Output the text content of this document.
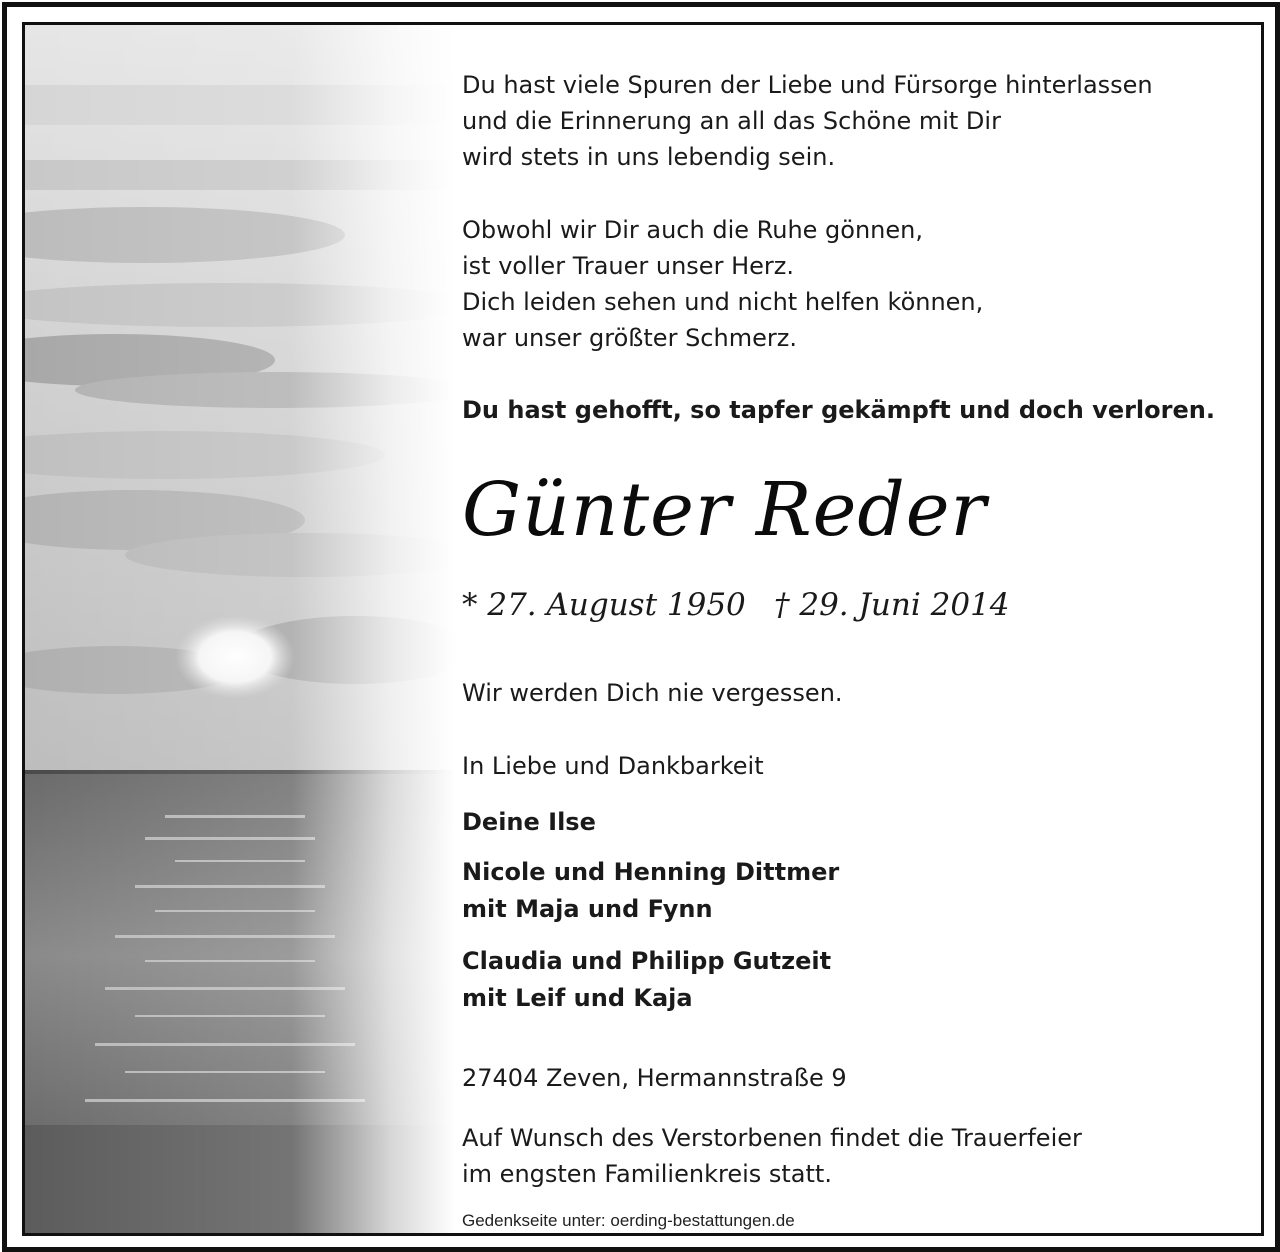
Du hast viele Spuren der Liebe und Fürsorge hinterlassen
und die Erinnerung an all das Schöne mit Dir
wird stets in uns lebendig sein.
Obwohl wir Dir auch die Ruhe gönnen,
ist voller Trauer unser Herz.
Dich leiden sehen und nicht helfen können,
war unser größter Schmerz.
Du hast gehofft, so tapfer gekämpft und doch verloren.
Günter Reder
* 27. August 1950 † 29. Juni 2014
Wir werden Dich nie vergessen.
In Liebe und Dankbarkeit
Deine Ilse
Nicole und Henning Dittmer
mit Maja und Fynn
Claudia und Philipp Gutzeit
mit Leif und Kaja
27404 Zeven, Hermannstraße 9
Auf Wunsch des Verstorbenen findet die Trauerfeier
im engsten Familienkreis statt.
Gedenkseite unter: oerding-bestattungen.de
